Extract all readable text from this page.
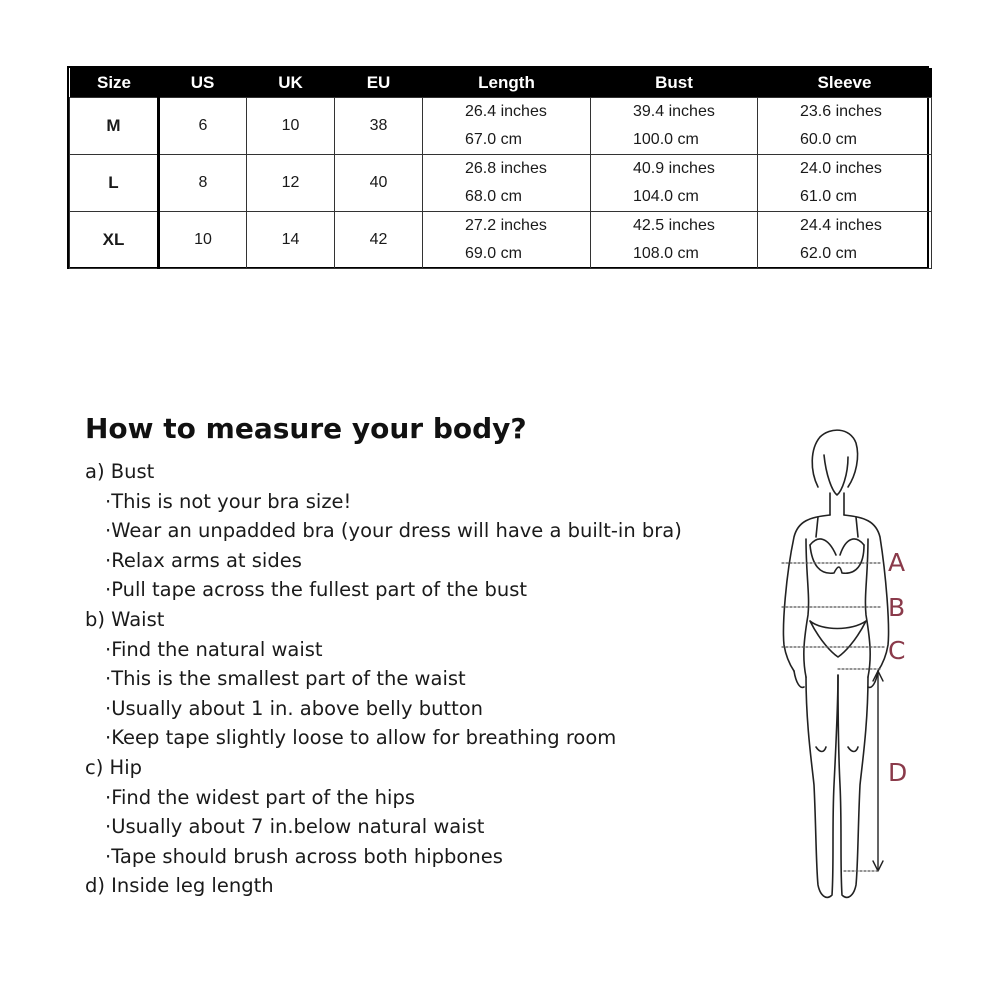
Size	US	UK	EU	Length	Bust	Sleeve
M	6	10	38	26.4 inches	39.4 inches	23.6 inches
				67.0 cm	100.0 cm	60.0 cm
L	8	12	40	26.8 inches	40.9 inches	24.0 inches
				68.0 cm	104.0 cm	61.0 cm
XL	10	14	42	27.2 inches	42.5 inches	24.4 inches
				69.0 cm	108.0 cm	62.0 cm
How to measure your body?
a) Bust
·This is not your bra size!
·Wear an unpadded bra (your dress will have a built-in bra)
·Relax arms at sides
·Pull tape across the fullest part of the bust
b) Waist
·Find the natural waist
·This is the smallest part of the waist
·Usually about 1 in. above belly button
·Keep tape slightly loose to allow for breathing room
c) Hip
·Find the widest part of the hips
·Usually about 7 in.below natural waist
·Tape should brush across both hipbones
d) Inside leg length
A
B
C
D
